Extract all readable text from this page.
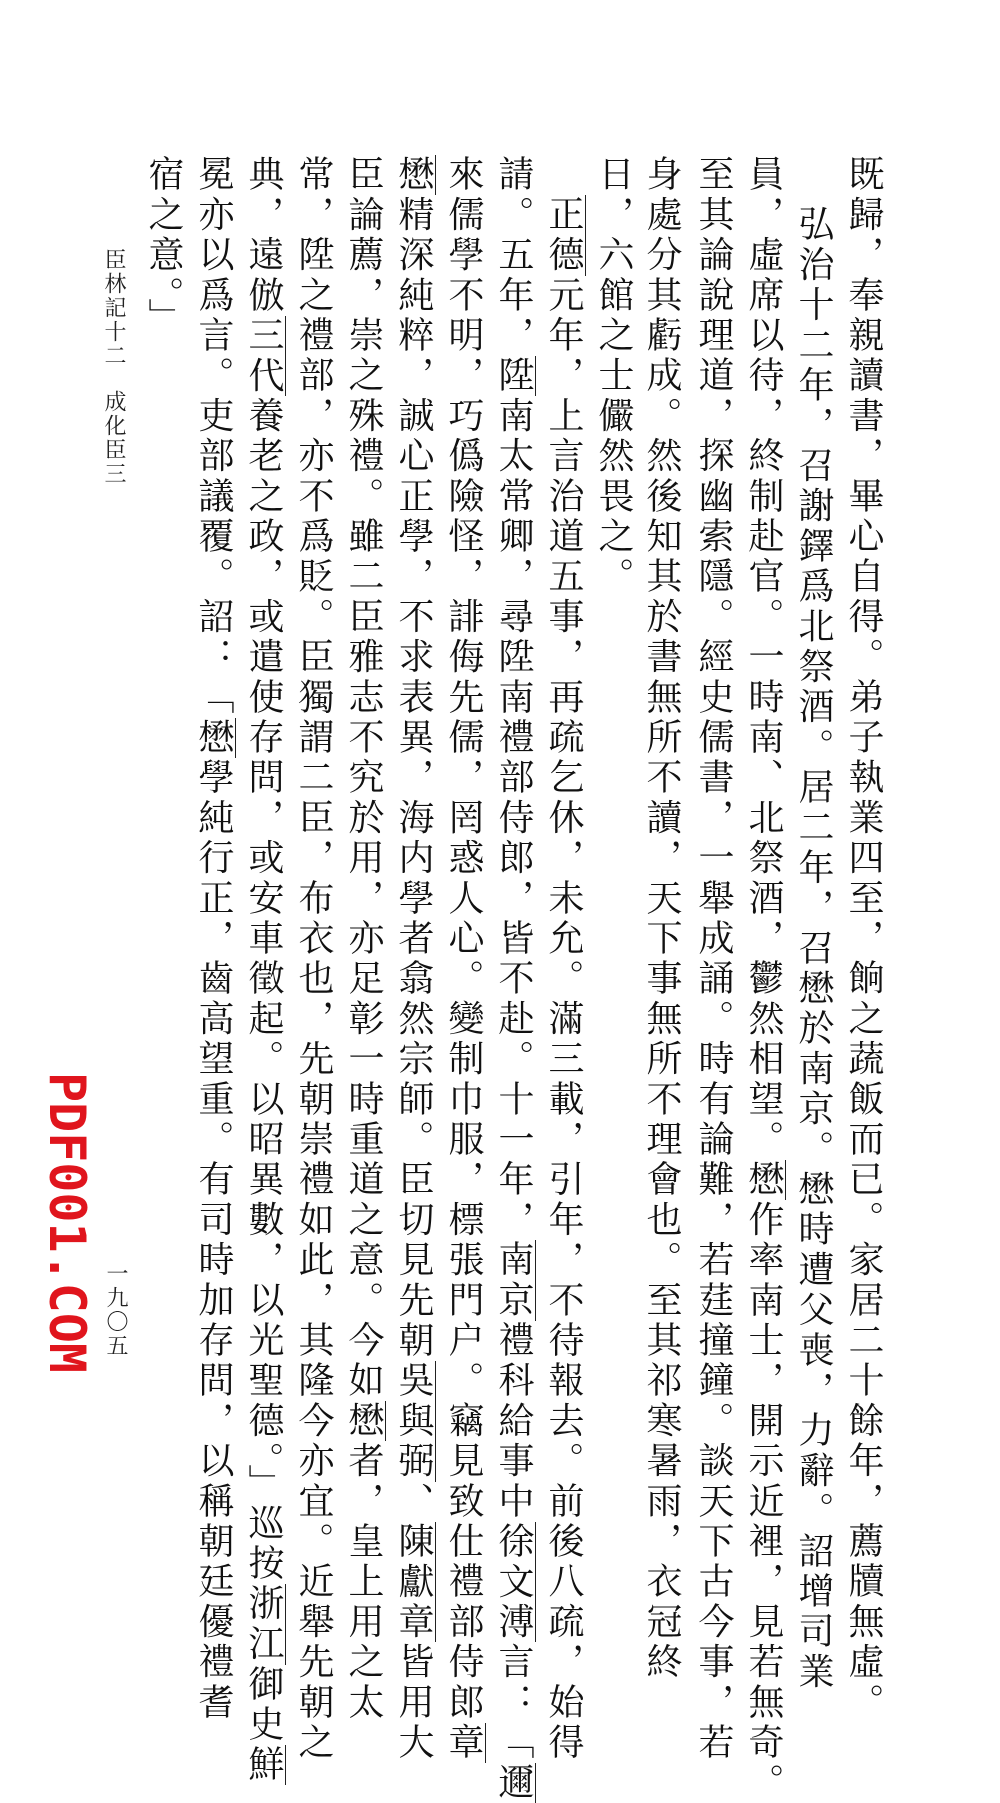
既歸，奉親讀書，畢心自得。弟子執業四至，餉之蔬飯而已。家居二十餘年，薦牘無虛。
弘治十二年，召謝鐸爲北祭酒。居二年，召懋於南京。懋時遭父喪，力辭。詔增司業
員，虛席以待，終制赴官。一時南、北祭酒，鬱然相望。懋作率南士，開示近裡，見若無奇。
至其論說理道，探幽索隱。經史儒書，一舉成誦。時有論難，若莛撞鐘。談天下古今事，若
身處分其虧成。然後知其於書無所不讀，天下事無所不理會也。至其祁寒暑雨，衣冠終
日，六館之士儼然畏之。
　正德元年，上言治道五事，再疏乞休，未允。滿三載，引年，不待報去。前後八疏，始得
請。五年，陞南太常卿，尋陞南禮部侍郎，皆不赴。十一年，南京禮科給事中徐文溥言：「邇
來儒學不明，巧僞險怪，誹侮先儒，罔惑人心。變制巾服，標張門户。竊見致仕禮部侍郎章
懋精深純粹，誠心正學，不求表異，海内學者翕然宗師。臣切見先朝吳與弼、陳獻章皆用大
臣論薦，崇之殊禮。雖二臣雅志不究於用，亦足彰一時重道之意。今如懋者，皇上用之太
常，陞之禮部，亦不爲貶。臣獨謂二臣，布衣也，先朝崇禮如此，其隆今亦宜。近舉先朝之
典，遠倣三代養老之政，或遣使存問，或安車徵起。以昭異數，以光聖德。」巡按浙江御史鮮
冕亦以爲言。吏部議覆。詔：「懋學純行正，齒高望重。有司時加存問，以稱朝廷優禮耆
宿之意。」
臣林記十二成化臣三
一九〇五
PDF001.COM
